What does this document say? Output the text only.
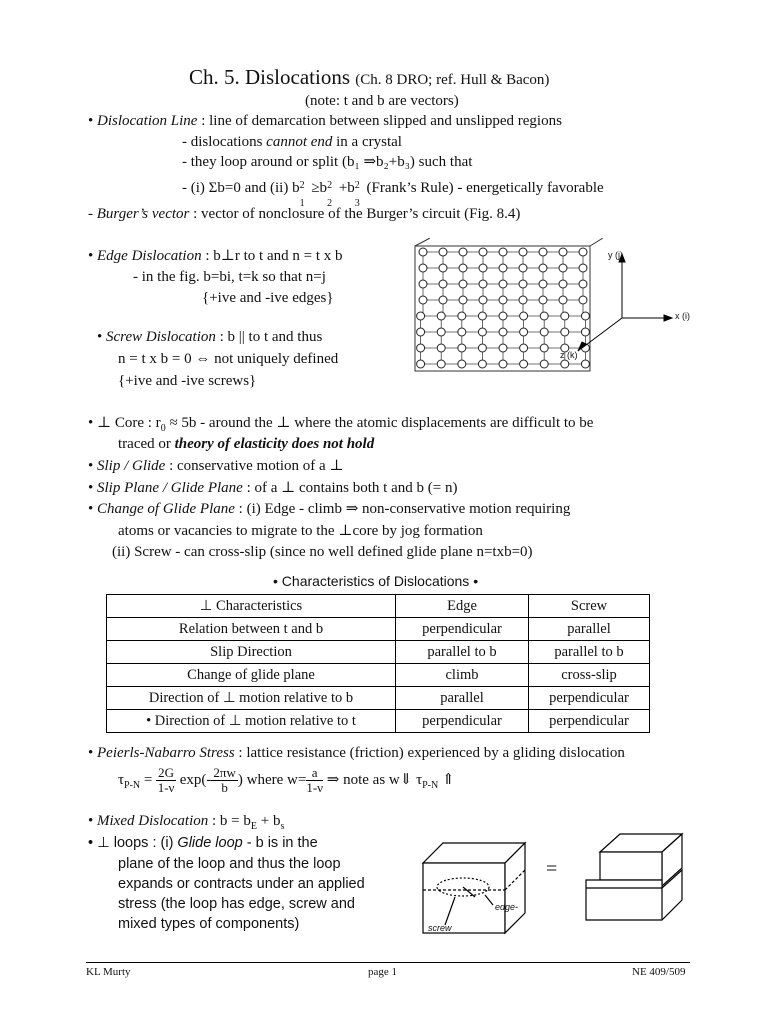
Ch. 5. Dislocations (Ch. 8 DRO; ref. Hull & Bacon)
(note: t and b are vectors)
• Dislocation Line : line of demarcation between slipped and unslipped regions
- dislocations cannot end in a crystal
- they loop around or split (b₁ ⇒b₂+b₃) such that
- (i) Σb=0 and (ii) b 2
1
≥b 2
2
+b 2
3
(Frank’s Rule) - energetically favorable
- Burger’s vector : vector of nonclosure of the Burger’s circuit (Fig. 8.4)
• Edge Dislocation : b⊥r to t and n = t x b
- in the fig. b=bi, t=k so that n=j
{+ive and -ive edges}
• Screw Dislocation : b || to t and thus
n = t x b = 0 ⇔ not uniquely defined
{+ive and -ive screws}
y (j)
x (i)
z (k)
• ⊥ Core : $r_0 \approx 5b$ - around the ⊥ where the atomic displacements are difficult to be
traced or theory of elasticity does not hold
• Slip / Glide : conservative motion of a ⊥
• Slip Plane / Glide Plane : of a ⊥ contains both t and b (= n)
• Change of Glide Plane : (i) Edge - climb ⇒ non-conservative motion requiring
atoms or vacancies to migrate to the ⊥core by jog formation
(ii) Screw - can cross-slip (since no well defined glide plane n=txb=0)
• Characteristics of Dislocations •
⊥ Characteristics	Edge	Screw
Relation between t and b	perpendicular	parallel
Slip Direction	parallel to b	parallel to b
Change of glide plane	climb	cross-slip
Direction of ⊥ motion relative to b	parallel	perpendicular
• Direction of ⊥ motion relative to t	perpendicular	perpendicular
• Peierls-Nabarro Stress : lattice resistance (friction) experienced by a gliding dislocation
$\tau_{P-N} = \frac{2G}{1-\nu} \exp(- \frac{2\pi w}{b}$ ) where $w= \frac{a}{1-\nu}$ ⇒ note as w⇓ $\tau_{P-N}$ ⇑
• Mixed Dislocation : $b = b_E + b_s$
• ⊥ loops : (i) Glide loop - b is in the
plane of the loop and thus the loop
expands or contracts under an applied
stress (the loop has edge, screw and
mixed types of components)
edge-
screw
=
KL Murty	page 1	NE 409/509
